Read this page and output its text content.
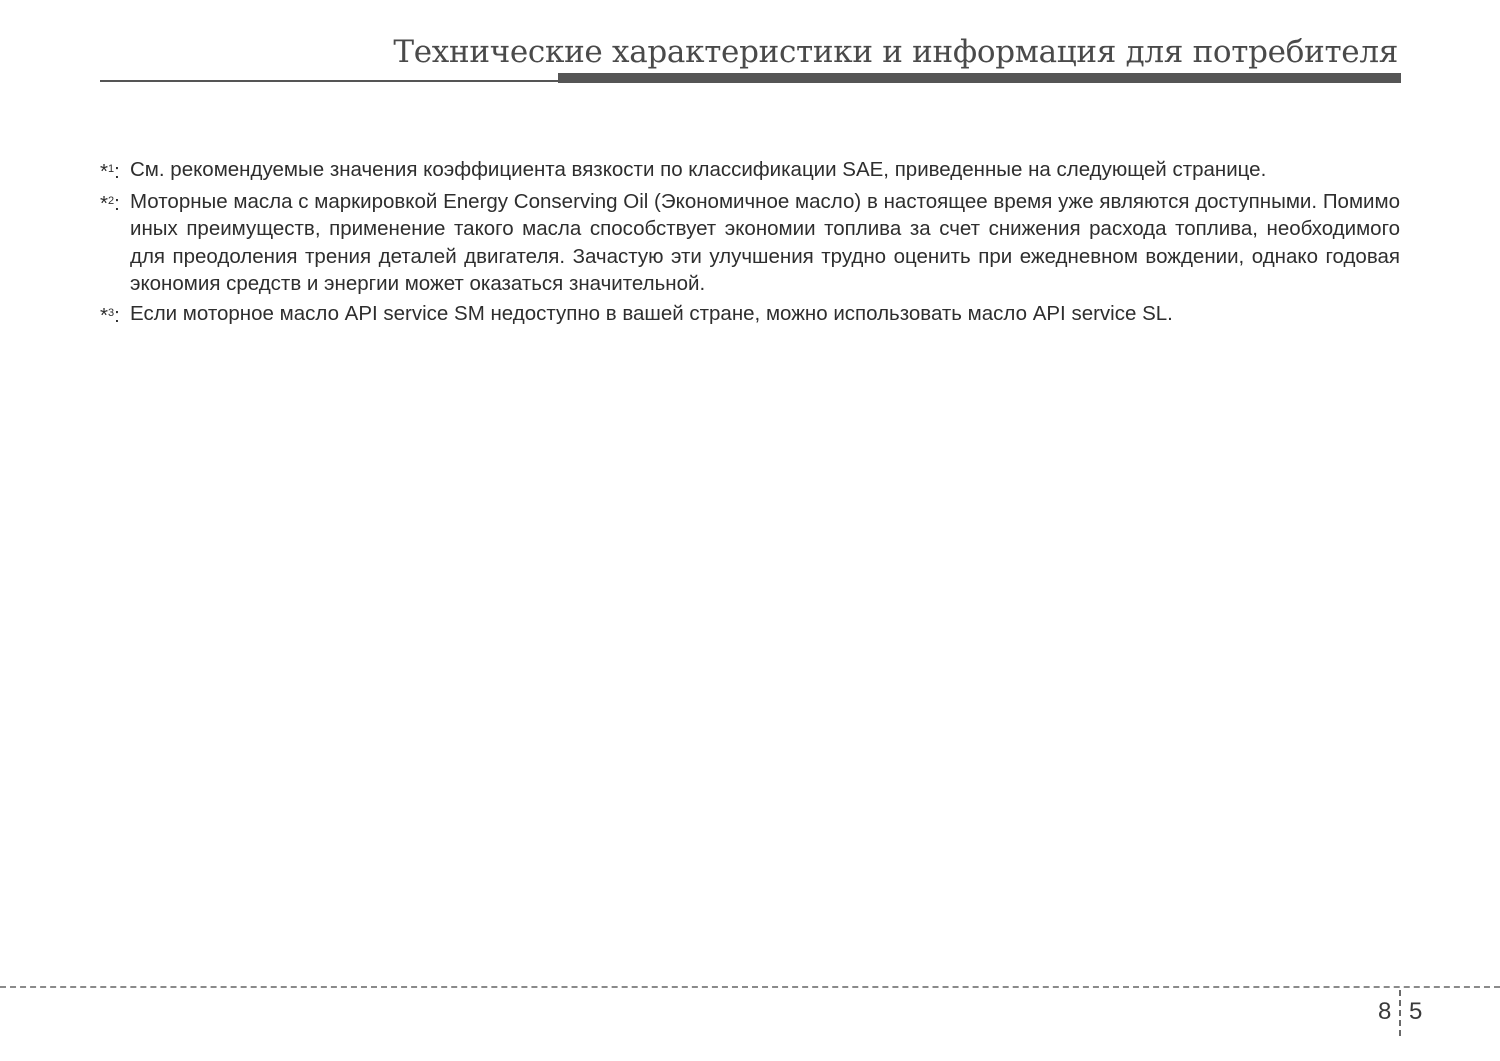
Технические характеристики и информация для потребителя
*$^1$: См. рекомендуемые значения коэффициента вязкости по классификации SAE, приведенные на следующей странице.
*$^2$: Моторные масла с маркировкой Energy Conserving Oil (Экономичное масло) в настоящее время уже являются доступными. Помимо иных преимуществ, применение такого масла способствует экономии топлива за счет снижения расхода топлива, необходимого для преодоления трения деталей двигателя. Зачастую эти улучшения трудно оценить при ежедневном вождении, однако годовая экономия средств и энергии может оказаться значительной.
*$^3$: Если моторное масло API service SM недоступно в вашей стране, можно использовать масло API service SL.
8 5
